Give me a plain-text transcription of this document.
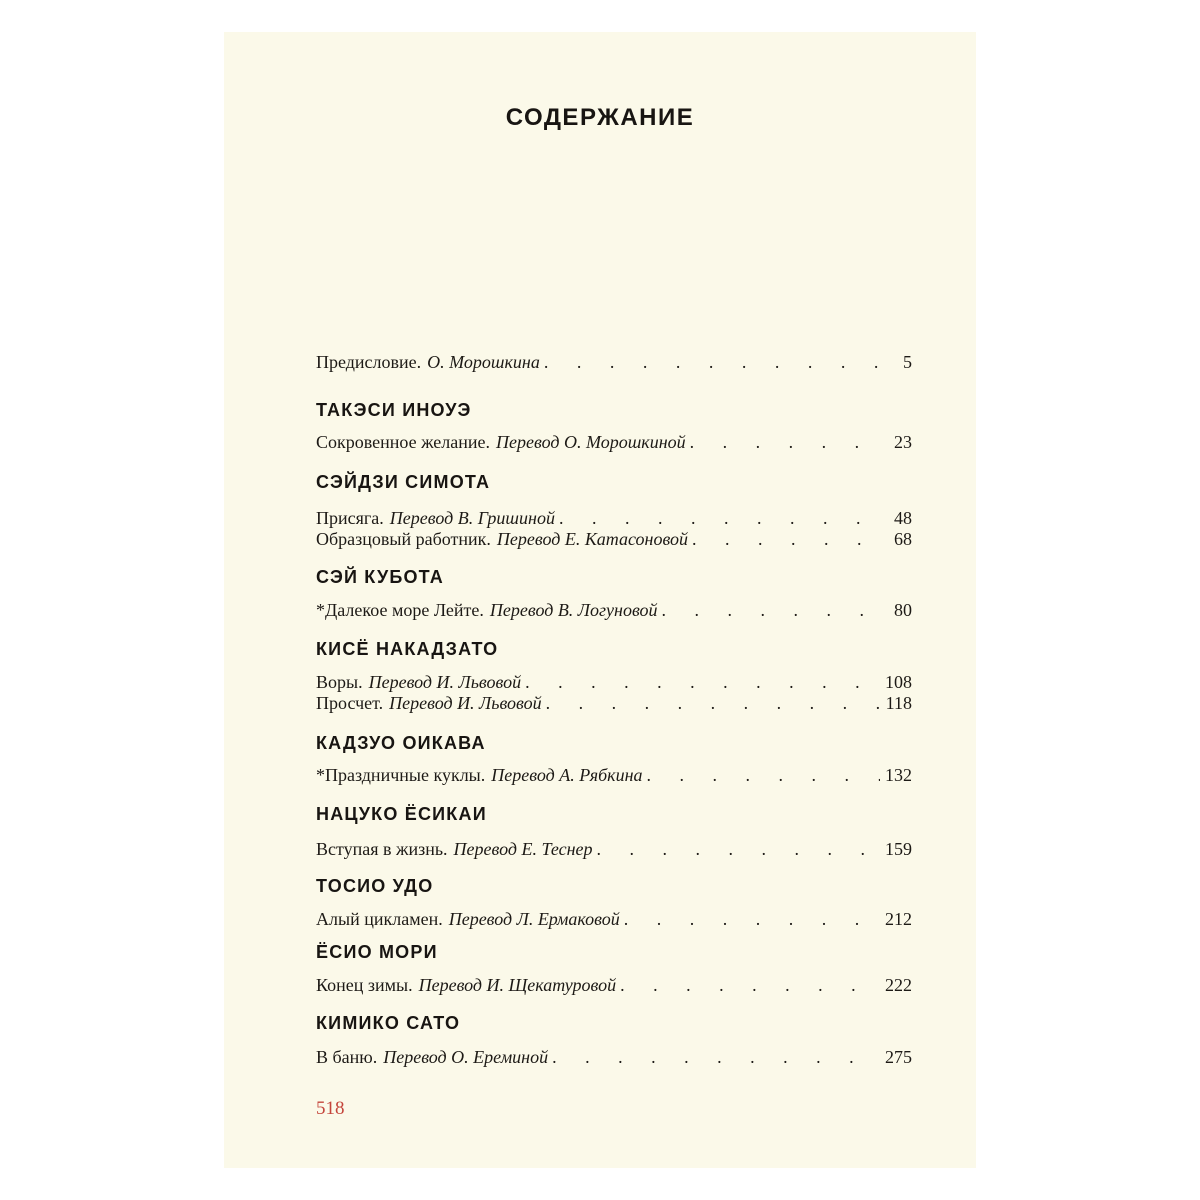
СОДЕРЖАНИЕ
Предисловие. О. Морошкина .	5
ТАКЭСИ ИНОУЭ
Сокровенное желание. Перевод О. Морошкиной .	23
СЭЙДЗИ СИМОТА
Присяга. Перевод В. Гришиной .	48
Образцовый работник. Перевод Е. Катасоновой .	68
СЭЙ КУБОТА
*Далекое море Лейте. Перевод В. Логуновой .	80
КИСЁ НАКАДЗАТО
Воры. Перевод И. Львовой .	108
Просчет. Перевод И. Львовой .	118
КАДЗУО ОИКАВА
*Праздничные куклы. Перевод А. Рябкина .	132
НАЦУКО ЁСИКАИ
Вступая в жизнь. Перевод Е. Теснер .	159
ТОСИО УДО
Алый цикламен. Перевод Л. Ермаковой .	212
ЁСИО МОРИ
Конец зимы. Перевод И. Щекатуровой .	222
КИМИКО САТО
В баню. Перевод О. Ереминой .	275
518
